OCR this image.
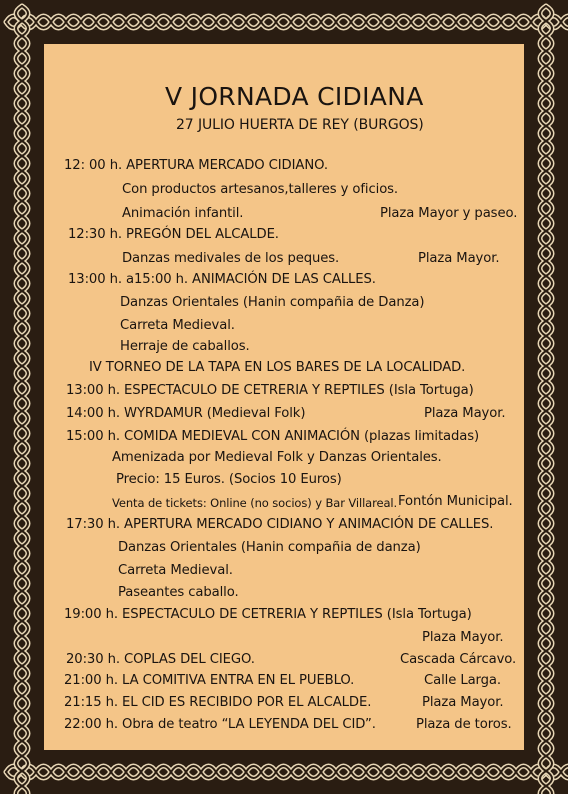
V JORNADA CIDIANA
27 JULIO HUERTA DE REY (BURGOS)
12: 00 h. APERTURA MERCADO CIDIANO.
Con productos artesanos,talleres y oficios.
Animación infantil.	Plaza Mayor y paseo.
12:30 h. PREGÓN DEL ALCALDE.
Danzas medivales de los peques.	Plaza Mayor.
13:00 h. a15:00 h. ANIMACIÓN DE LAS CALLES.
Danzas Orientales (Hanin compañia de Danza)
Carreta Medieval.
Herraje de caballos.
IV TORNEO DE LA TAPA EN LOS BARES DE LA LOCALIDAD.
13:00 h. ESPECTACULO DE CETRERIA Y REPTILES (Isla Tortuga)
14:00 h. WYRDAMUR (Medieval Folk)	Plaza Mayor.
15:00 h. COMIDA MEDIEVAL CON ANIMACIÓN (plazas limitadas)
Amenizada por Medieval Folk y Danzas Orientales.
Precio: 15 Euros. (Socios 10 Euros)
Venta de tickets: Online (no socios) y Bar Villareal. Fontón Municipal.
17:30 h. APERTURA MERCADO CIDIANO Y ANIMACIÓN DE CALLES.
Danzas Orientales (Hanin compañia de danza)
Carreta Medieval.
Paseantes caballo.
19:00 h. ESPECTACULO DE CETRERIA Y REPTILES (Isla Tortuga)
Plaza Mayor.
20:30 h. COPLAS DEL CIEGO.	Cascada Cárcavo.
21:00 h. LA COMITIVA ENTRA EN EL PUEBLO.	Calle Larga.
21:15 h. EL CID ES RECIBIDO POR EL ALCALDE.	Plaza Mayor.
22:00 h. Obra de teatro “LA LEYENDA DEL CID”.	Plaza de toros.
